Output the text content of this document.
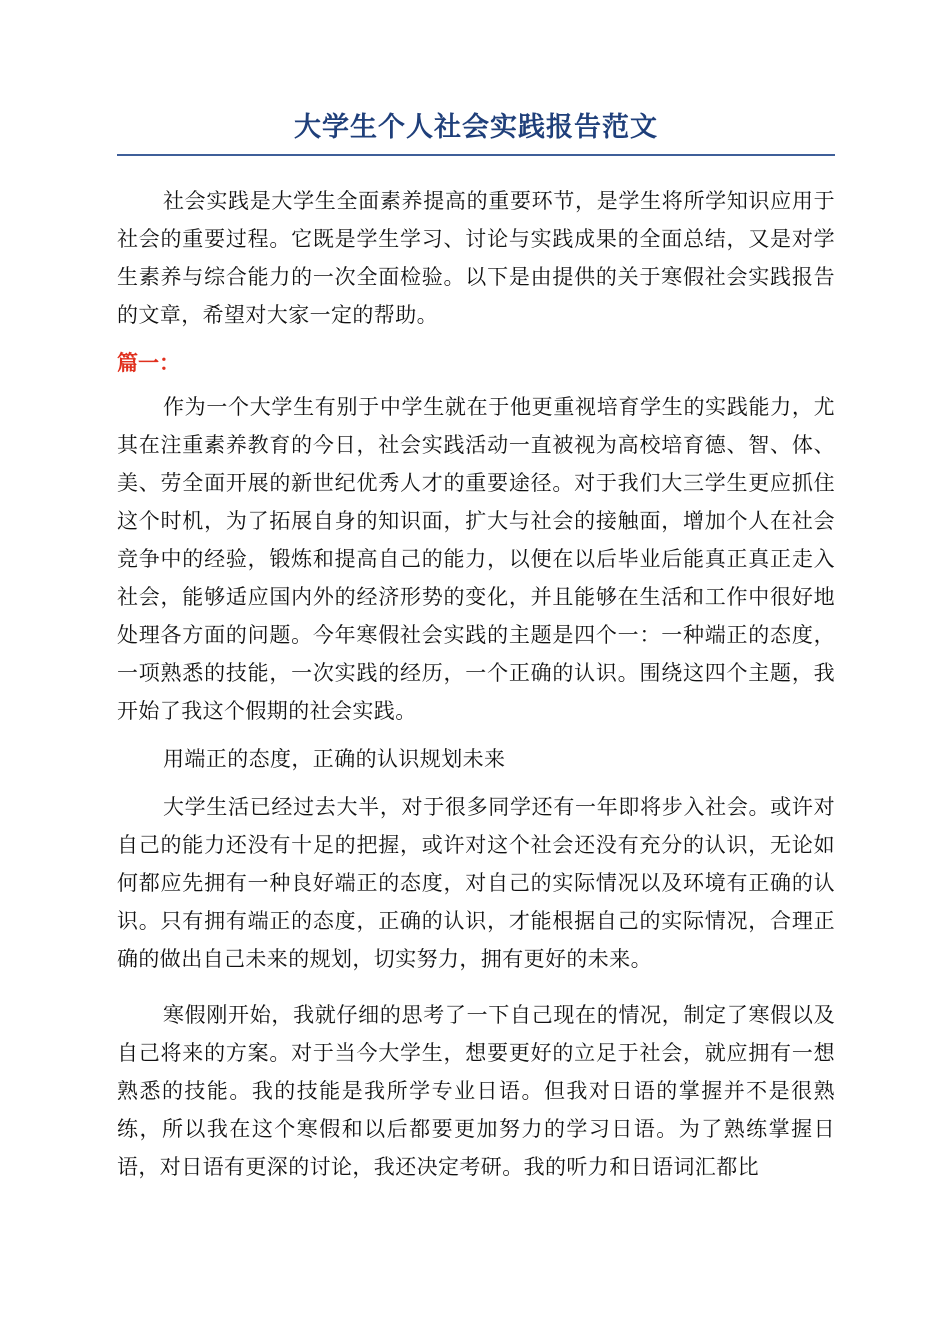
大学生个人社会实践报告范文

社会实践是大学生全面素养提高的重要环节，是学生将所学知识应用于社会的重要过程。它既是学生学习、讨论与实践成果的全面总结，又是对学生素养与综合能力的一次全面检验。以下是由提供的关于寒假社会实践报告的文章，希望对大家一定的帮助。

篇一：

作为一个大学生有别于中学生就在于他更重视培育学生的实践能力，尤其在注重素养教育的今日，社会实践活动一直被视为高校培育德、智、体、美、劳全面开展的新世纪优秀人才的重要途径。对于我们大三学生更应抓住这个时机，为了拓展自身的知识面，扩大与社会的接触面，增加个人在社会竞争中的经验，锻炼和提高自己的能力，以便在以后毕业后能真正真正走入社会，能够适应国内外的经济形势的变化，并且能够在生活和工作中很好地处理各方面的问题。今年寒假社会实践的主题是四个一：一种端正的态度，一项熟悉的技能，一次实践的经历，一个正确的认识。围绕这四个主题，我开始了我这个假期的社会实践。

用端正的态度，正确的认识规划未来

大学生活已经过去大半，对于很多同学还有一年即将步入社会。或许对自己的能力还没有十足的把握，或许对这个社会还没有充分的认识，无论如何都应先拥有一种良好端正的态度，对自己的实际情况以及环境有正确的认识。只有拥有端正的态度，正确的认识，才能根据自己的实际情况，合理正确的做出自己未来的规划，切实努力，拥有更好的未来。

寒假刚开始，我就仔细的思考了一下自己现在的情况，制定了寒假以及自己将来的方案。对于当今大学生，想要更好的立足于社会，就应拥有一想熟悉的技能。我的技能是我所学专业日语。但我对日语的掌握并不是很熟练，所以我在这个寒假和以后都要更加努力的学习日语。为了熟练掌握日语，对日语有更深的讨论，我还决定考研。我的听力和日语词汇都比
